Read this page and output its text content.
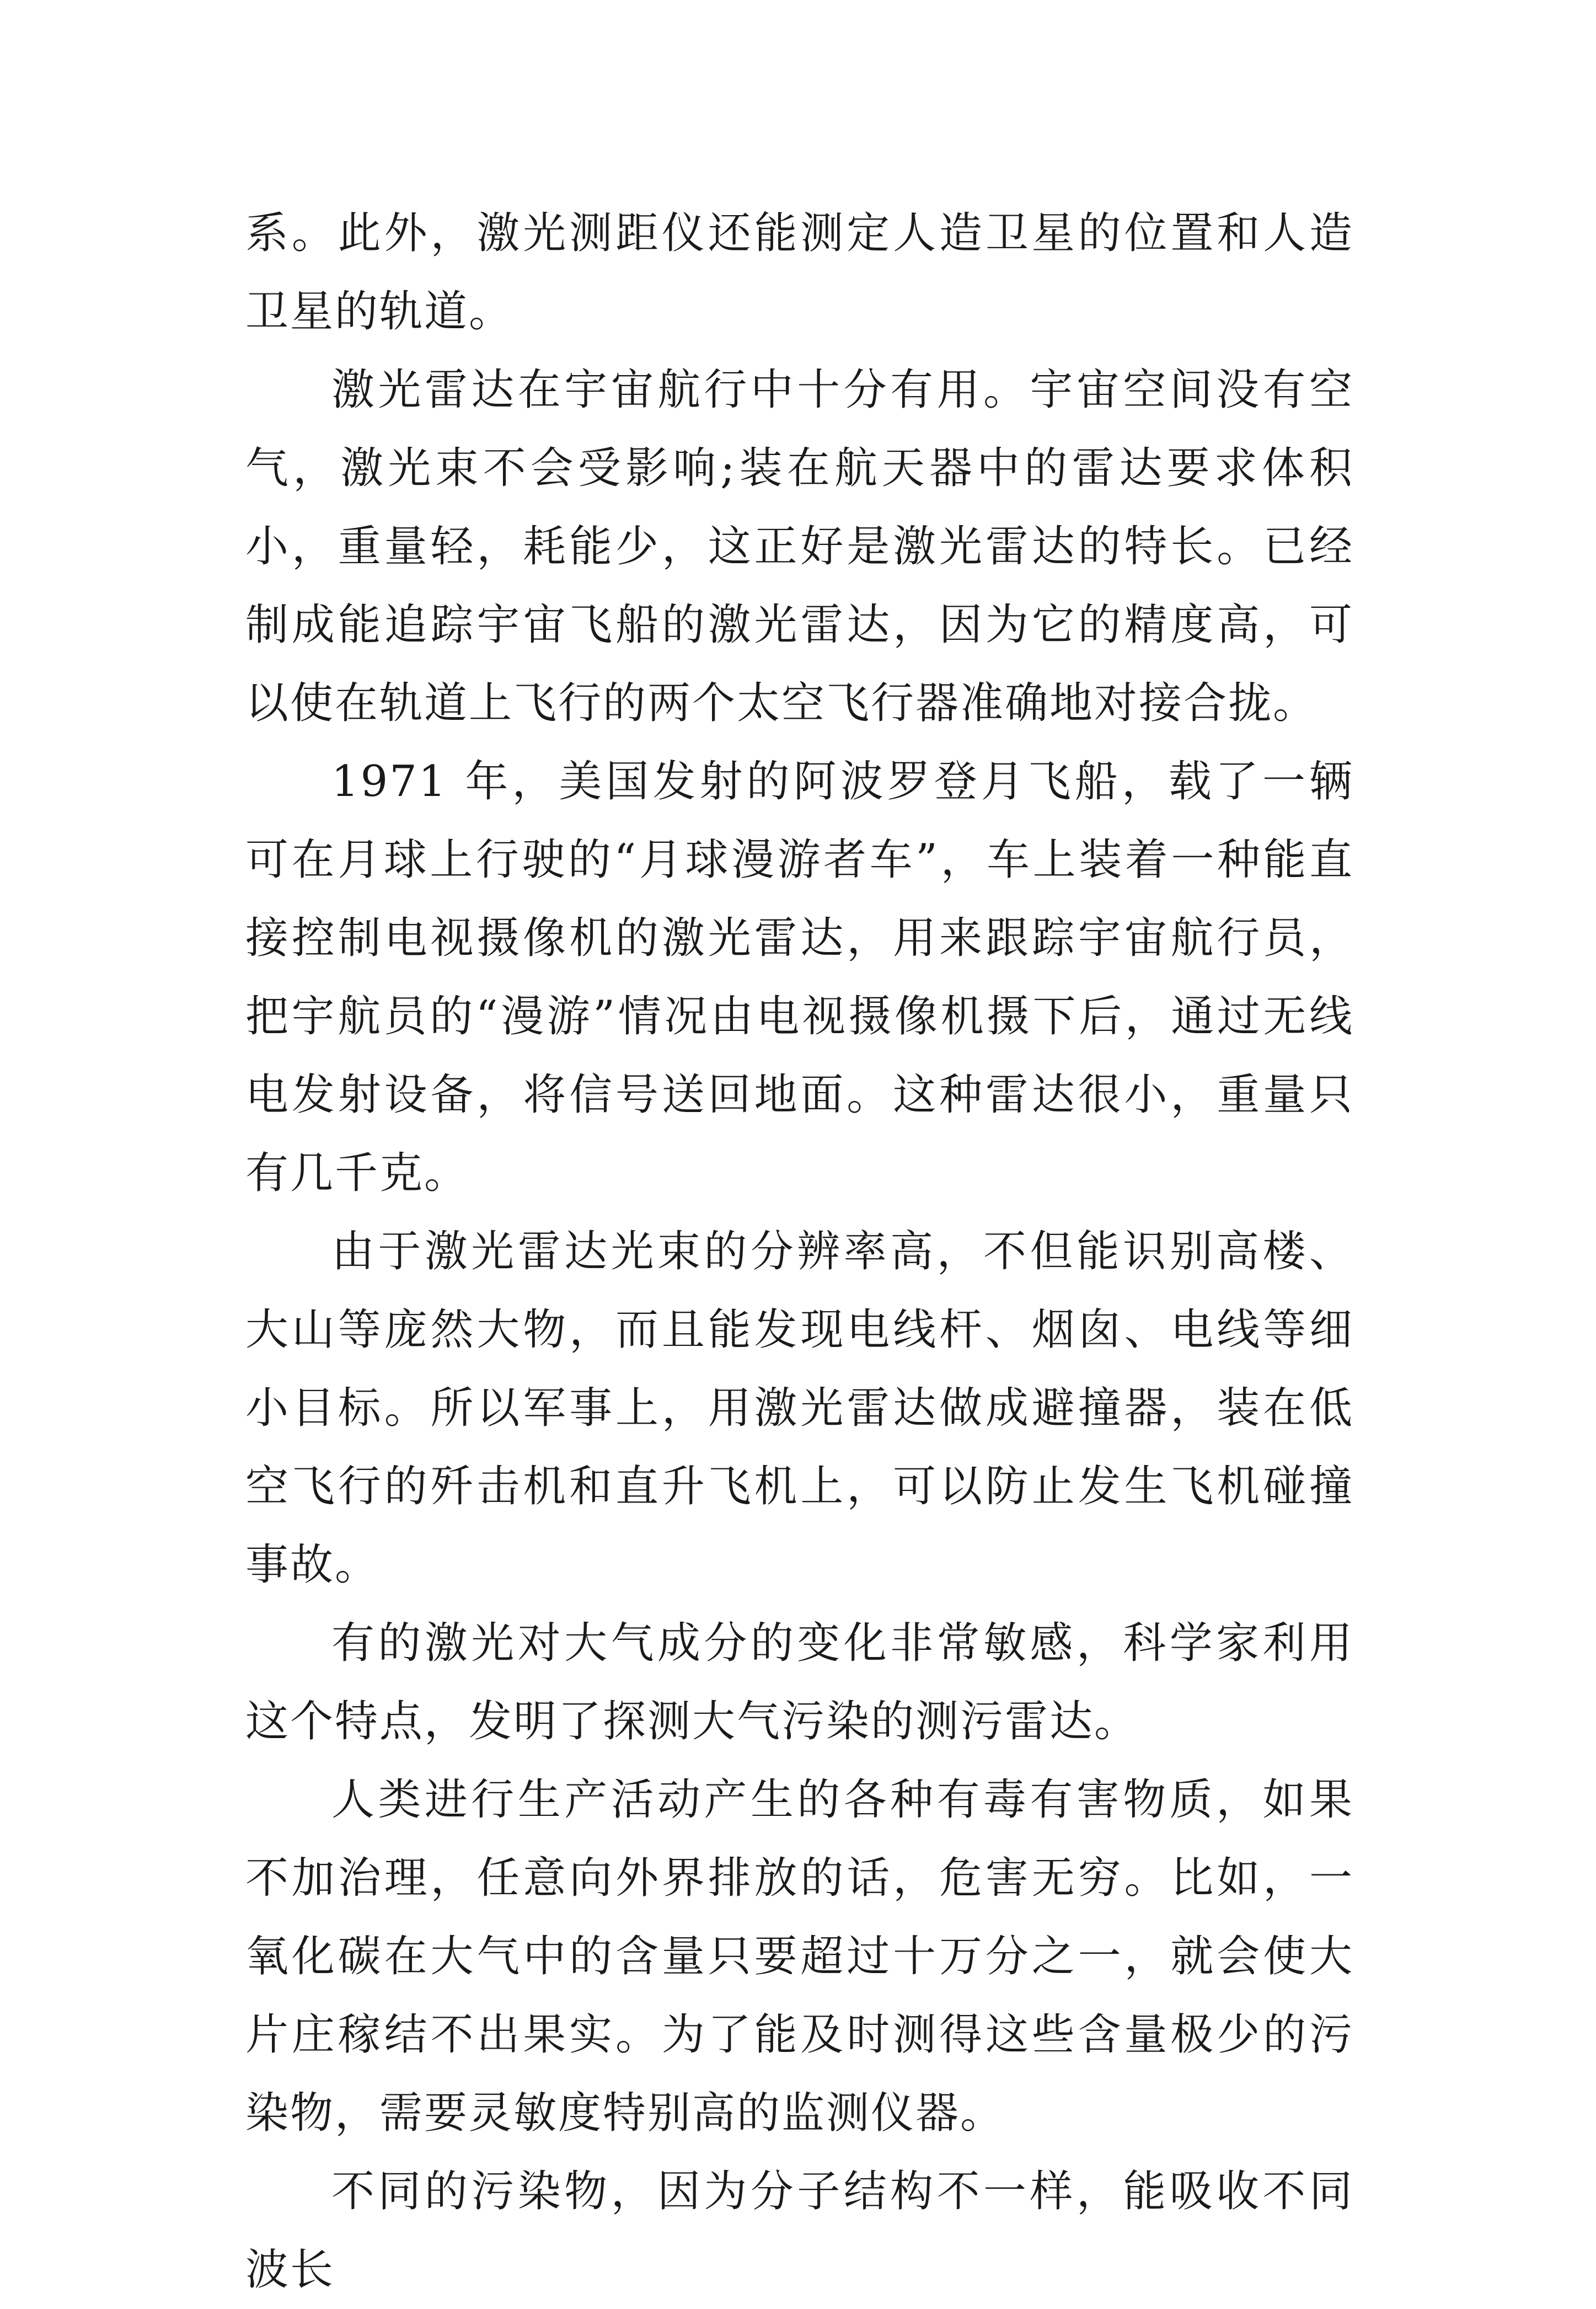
系。此外，激光测距仪还能测定人造卫星的位置和人造卫星的轨道。

激光雷达在宇宙航行中十分有用。宇宙空间没有空气，激光束不会受影响;装在航天器中的雷达要求体积小，重量轻，耗能少，这正好是激光雷达的特长。已经制成能追踪宇宙飞船的激光雷达，因为它的精度高，可以使在轨道上飞行的两个太空飞行器准确地对接合拢。

1971 年，美国发射的阿波罗登月飞船，载了一辆可在月球上行驶的“月球漫游者车”，车上装着一种能直接控制电视摄像机的激光雷达，用来跟踪宇宙航行员，把宇航员的“漫游”情况由电视摄像机摄下后，通过无线电发射设备，将信号送回地面。这种雷达很小，重量只有几千克。

由于激光雷达光束的分辨率高，不但能识别高楼、大山等庞然大物，而且能发现电线杆、烟囱、电线等细小目标。所以军事上，用激光雷达做成避撞器，装在低空飞行的歼击机和直升飞机上，可以防止发生飞机碰撞事故。

有的激光对大气成分的变化非常敏感，科学家利用这个特点，发明了探测大气污染的测污雷达。

人类进行生产活动产生的各种有毒有害物质，如果不加治理，任意向外界排放的话，危害无穷。比如，一氧化碳在大气中的含量只要超过十万分之一，就会使大片庄稼结不出果实。为了能及时测得这些含量极少的污染物，需要灵敏度特别高的监测仪器。

不同的污染物，因为分子结构不一样，能吸收不同波长
